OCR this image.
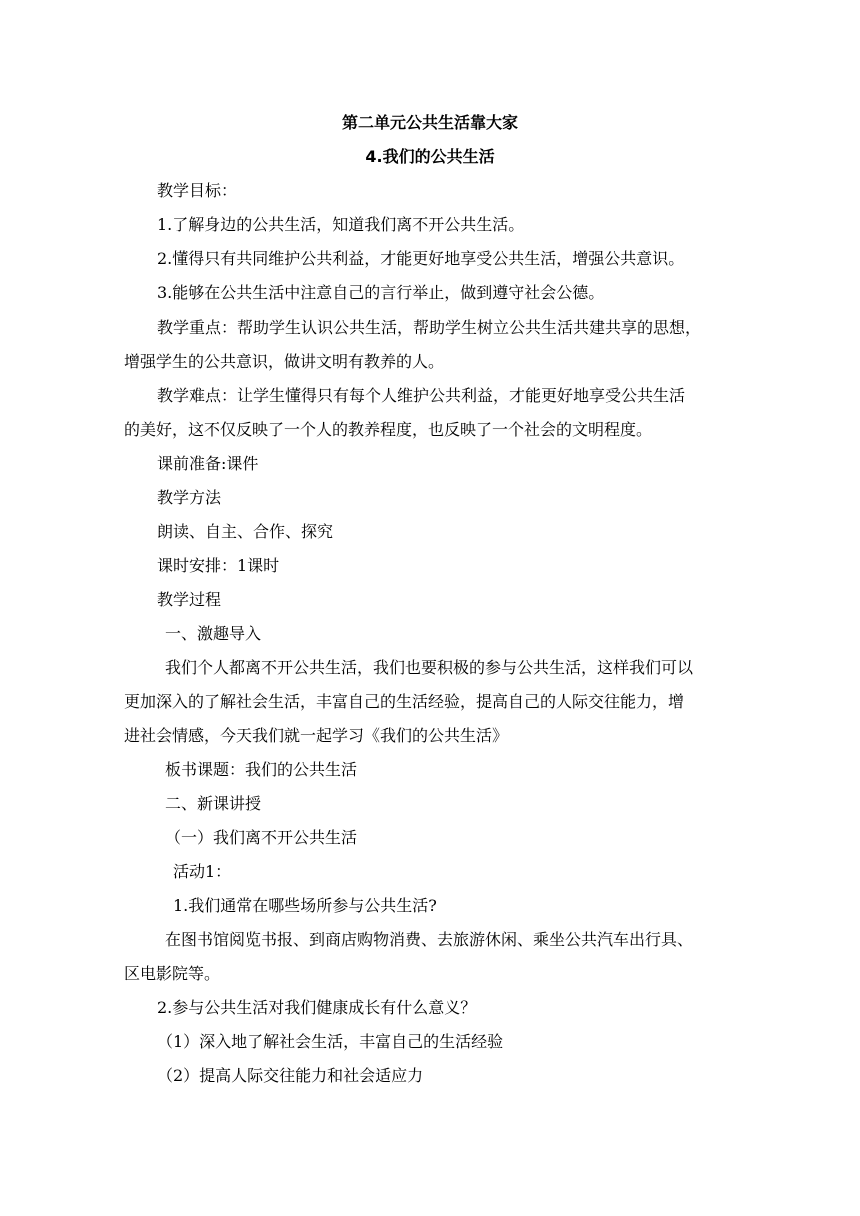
第二单元公共生活靠大家
4.我们的公共生活
教学目标：
1.了解身边的公共生活，知道我们离不开公共生活。
2.懂得只有共同维护公共利益，才能更好地享受公共生活，增强公共意识。
3.能够在公共生活中注意自己的言行举止，做到遵守社会公德。
教学重点：帮助学生认识公共生活，帮助学生树立公共生活共建共享的思想，
增强学生的公共意识，做讲文明有教养的人。
教学难点：让学生懂得只有每个人维护公共利益，才能更好地享受公共生活
的美好，这不仅反映了一个人的教养程度，也反映了一个社会的文明程度。
课前准备:课件
教学方法
朗读、自主、合作、探究
课时安排：1课时
教学过程
一、激趣导入
我们个人都离不开公共生活，我们也要积极的参与公共生活，这样我们可以
更加深入的了解社会生活，丰富自己的生活经验，提高自己的人际交往能力，增
进社会情感，今天我们就一起学习《我们的公共生活》
板书课题：我们的公共生活
二、新课讲授
（一）我们离不开公共生活
活动1：
1.我们通常在哪些场所参与公共生活?
在图书馆阅览书报、到商店购物消费、去旅游休闲、乘坐公共汽车出行具、
区电影院等。
2.参与公共生活对我们健康成长有什么意义？
（1）深入地了解社会生活，丰富自己的生活经验
（2）提高人际交往能力和社会适应力
